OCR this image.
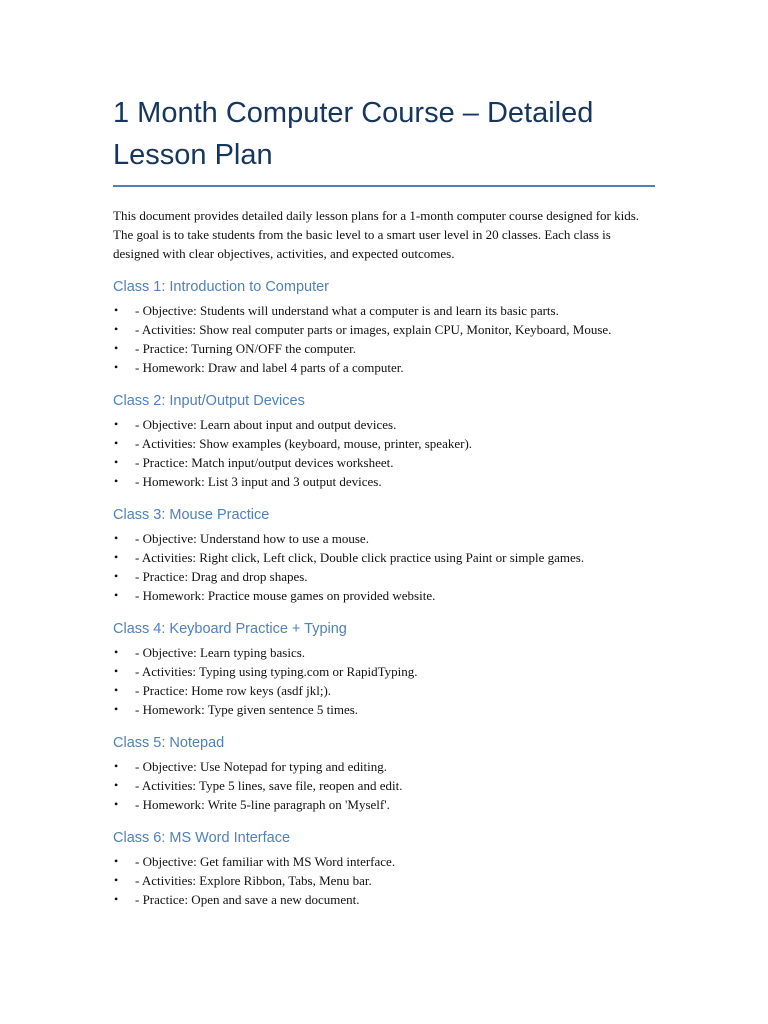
1 Month Computer Course – Detailed Lesson Plan

This document provides detailed daily lesson plans for a 1-month computer course designed for kids. The goal is to take students from the basic level to a smart user level in 20 classes. Each class is designed with clear objectives, activities, and expected outcomes.

Class 1: Introduction to Computer
•	- Objective: Students will understand what a computer is and learn its basic parts.
•	- Activities: Show real computer parts or images, explain CPU, Monitor, Keyboard, Mouse.
•	- Practice: Turning ON/OFF the computer.
•	- Homework: Draw and label 4 parts of a computer.
Class 2: Input/Output Devices
•	- Objective: Learn about input and output devices.
•	- Activities: Show examples (keyboard, mouse, printer, speaker).
•	- Practice: Match input/output devices worksheet.
•	- Homework: List 3 input and 3 output devices.
Class 3: Mouse Practice
•	- Objective: Understand how to use a mouse.
•	- Activities: Right click, Left click, Double click practice using Paint or simple games.
•	- Practice: Drag and drop shapes.
•	- Homework: Practice mouse games on provided website.
Class 4: Keyboard Practice + Typing
•	- Objective: Learn typing basics.
•	- Activities: Typing using typing.com or RapidTyping.
•	- Practice: Home row keys (asdf jkl;).
•	- Homework: Type given sentence 5 times.
Class 5: Notepad
•	- Objective: Use Notepad for typing and editing.
•	- Activities: Type 5 lines, save file, reopen and edit.
•	- Homework: Write 5-line paragraph on 'Myself'.
Class 6: MS Word Interface
•	- Objective: Get familiar with MS Word interface.
•	- Activities: Explore Ribbon, Tabs, Menu bar.
•	- Practice: Open and save a new document.
